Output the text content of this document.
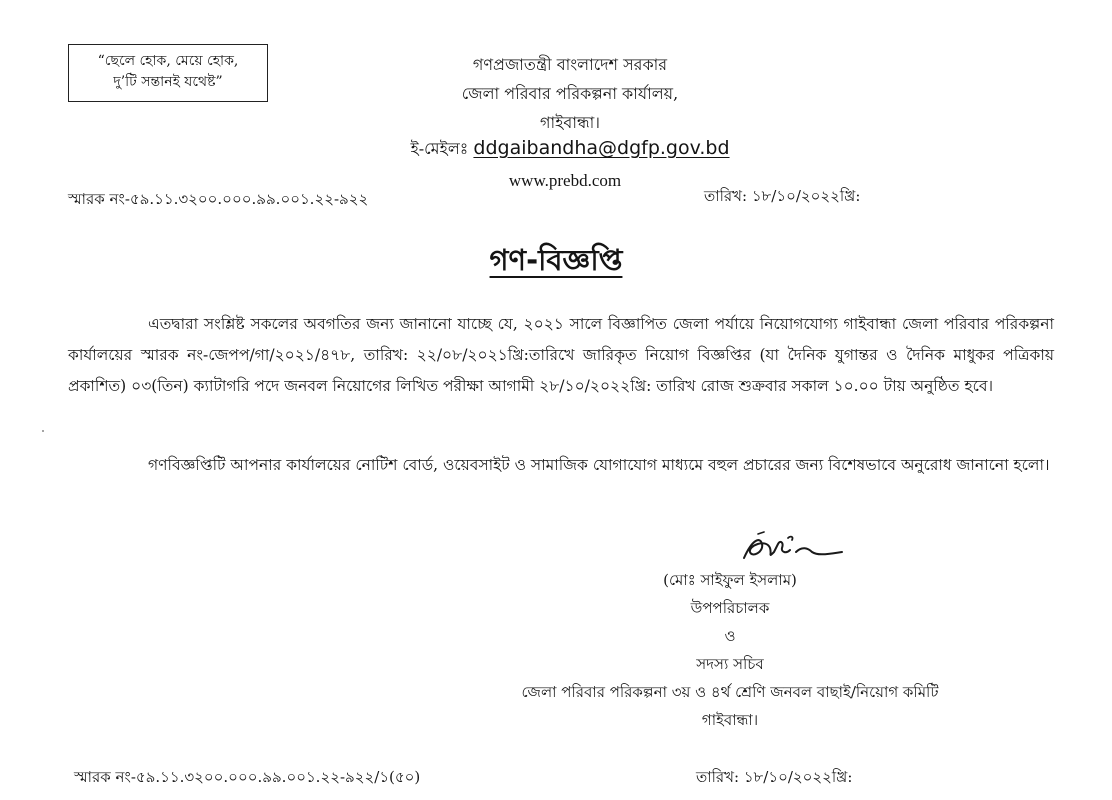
“ছেলে হোক, মেয়ে হোক,
দু’টি সন্তানই যথেষ্ট”
গণপ্রজাতন্ত্রী বাংলাদেশ সরকার
জেলা পরিবার পরিকল্পনা কার্যালয়,
গাইবান্ধা।
ই-মেইলঃ ddgaibandha@dgfp.gov.bd
www.prebd.com
স্মারক নং-৫৯.১১.৩২০০.০০০.৯৯.০০১.২২-৯২২	তারিখ: ১৮/১০/২০২২খ্রি:
গণ-বিজ্ঞপ্তি
এতদ্বারা সংশ্লিষ্ট সকলের অবগতির জন্য জানানো যাচ্ছে যে, ২০২১ সালে বিজ্ঞাপিত জেলা পর্যায়ে নিয়োগযোগ্য গাইবান্ধা জেলা পরিবার পরিকল্পনা কার্যালয়ের স্মারক নং-জেপপ/গা/২০২১/৪৭৮, তারিখ: ২২/০৮/২০২১খ্রি:তারিখে জারিকৃত নিয়োগ বিজ্ঞপ্তির (যা দৈনিক যুগান্তর ও দৈনিক মাধুকর পত্রিকায় প্রকাশিত) ০৩(তিন) ক্যাটাগরি পদে জনবল নিয়োগের লিখিত পরীক্ষা আগামী ২৮/১০/২০২২খ্রি: তারিখ রোজ শুক্রবার সকাল ১০.০০ টায় অনুষ্ঠিত হবে।
গণবিজ্ঞপ্তিটি আপনার কার্যালয়ের নোটিশ বোর্ড, ওয়েবসাইট ও সামাজিক যোগাযোগ মাধ্যমে বহুল প্রচারের জন্য বিশেষভাবে অনুরোধ জানানো হলো।
(মোঃ সাইফুল ইসলাম)
উপপরিচালক
ও
সদস্য সচিব
জেলা পরিবার পরিকল্পনা ৩য় ও ৪র্থ শ্রেণি জনবল বাছাই/নিয়োগ কমিটি
গাইবান্ধা।
স্মারক নং-৫৯.১১.৩২০০.০০০.৯৯.০০১.২২-৯২২/১(৫০)	তারিখ: ১৮/১০/২০২২খ্রি:
